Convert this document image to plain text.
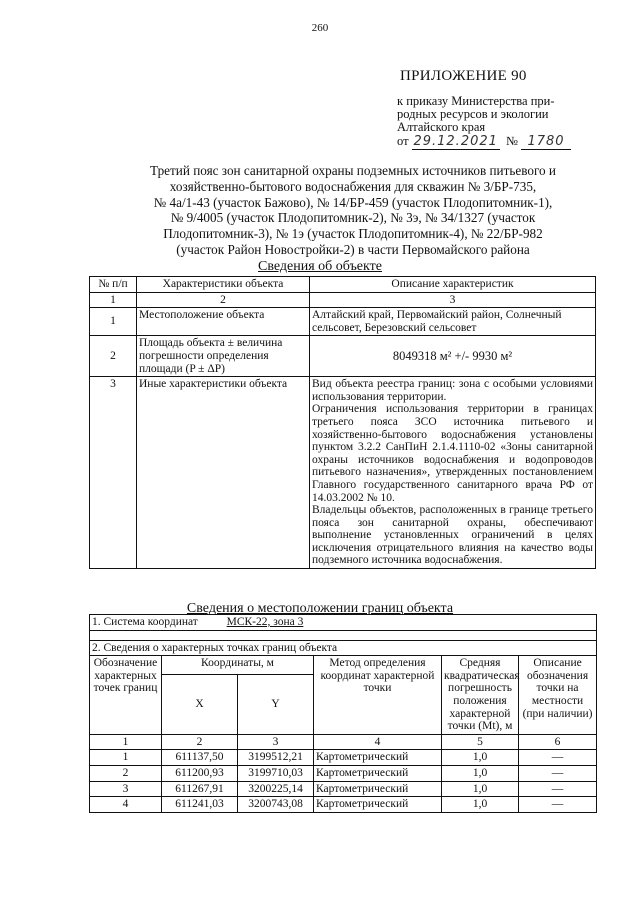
260
ПРИЛОЖЕНИЕ 90
к приказу Министерства при-
родных ресурсов и экологии
Алтайского края
от 29.12.2021 № 1780
Третий пояс зон санитарной охраны подземных источников питьевого и
хозяйственно-бытового водоснабжения для скважин № 3/БР-735,
№ 4а/1-43 (участок Бажово), № 14/БР-459 (участок Плодопитомник-1),
№ 9/4005 (участок Плодопитомник-2), № 3э, № 34/1327 (участок
Плодопитомник-3), № 1э (участок Плодопитомник-4), № 22/БР-982
(участок Район Новостройки-2) в части Первомайского района
Сведения об объекте
№ п/п	Характеристики объекта	Описание характеристик
1	2	3
1	Местоположение объекта	Алтайский край, Первомайский район, Солнечный сельсовет, Березовский сельсовет
2	Площадь объекта ± величина погрешности определения площади (P ± ΔP)	8049318 м² +/- 9930 м²
3	Иные характеристики объекта	Вид объекта реестра границ: зона с особыми условиями использования территории.
Ограничения использования территории в границах третьего пояса ЗСО источника питьевого и хозяйственно-бытового водоснабжения установлены пунктом 3.2.2 СанПиН 2.1.4.1110-02 «Зоны санитарной охраны источников водоснабжения и водопроводов питьевого назначения», утвержденных постановлением Главного государственного санитарного врача РФ от 14.03.2002 № 10.
Владельцы объектов, расположенных в границе третьего пояса зон санитарной охраны, обеспечивают выполнение установленных ограничений в целях исключения отрицательного влияния на качество воды подземного источника водоснабжения.
Сведения о местоположении границ объекта
1. Система координат МСК-22, зона 3					

2. Сведения о характерных точках границ объекта					
Обозначение характерных точек границ	Координаты, м		Метод определения координат характерной точки	Средняя квадратическая погрешность положения характерной точки (Mt), м	Описание обозначения точки на местности (при наличии)
	X	Y			
1	2	3	4	5	6
1	611137,50	3199512,21	Картометрический	1,0	—
2	611200,93	3199710,03	Картометрический	1,0	—
3	611267,91	3200225,14	Картометрический	1,0	—
4	611241,03	3200743,08	Картометрический	1,0	—
